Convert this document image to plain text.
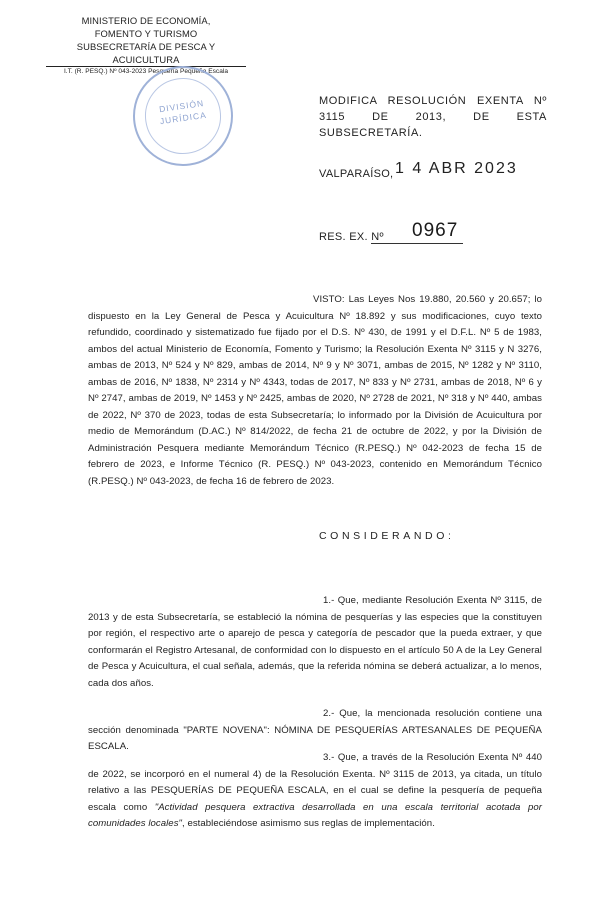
MINISTERIO DE ECONOMÍA,
FOMENTO Y TURISMO
SUBSECRETARÍA DE PESCA Y ACUICULTURA
I.T. (R. PESQ.) Nº 043-2023 Pesquería Pequeña Escala
DIVISIÓN
JURÍDICA
MODIFICA RESOLUCIÓN EXENTA Nº 3115 DE 2013, DE ESTA SUBSECRETARÍA.
VALPARAÍSO, 1 4 ABR 2023
RES. EX. Nº 0967
VISTO: Las Leyes Nos 19.880, 20.560 y 20.657; lo dispuesto en la Ley General de Pesca y Acuicultura Nº 18.892 y sus modificaciones, cuyo texto refundido, coordinado y sistematizado fue fijado por el D.S. Nº 430, de 1991 y el D.F.L. Nº 5 de 1983, ambos del actual Ministerio de Economía, Fomento y Turismo; la Resolución Exenta Nº 3115 y N 3276, ambas de 2013, Nº 524 y Nº 829, ambas de 2014, Nº 9 y Nº 3071, ambas de 2015, Nº 1282 y Nº 3110, ambas de 2016, Nº 1838, Nº 2314 y Nº 4343, todas de 2017, Nº 833 y Nº 2731, ambas de 2018, Nº 6 y Nº 2747, ambas de 2019, Nº 1453 y Nº 2425, ambas de 2020, Nº 2728 de 2021, Nº 318 y Nº 440, ambas de 2022, Nº 370 de 2023, todas de esta Subsecretaría; lo informado por la División de Acuicultura por medio de Memorándum (D.AC.) Nº 814/2022, de fecha 21 de octubre de 2022, y por la División de Administración Pesquera mediante Memorándum Técnico (R.PESQ.) Nº 042-2023 de fecha 15 de febrero de 2023, e Informe Técnico (R. PESQ.) Nº 043-2023, contenido en Memorándum Técnico (R.PESQ.) Nº 043-2023, de fecha 16 de febrero de 2023.
CONSIDERANDO:
1.- Que, mediante Resolución Exenta Nº 3115, de 2013 y de esta Subsecretaría, se estableció la nómina de pesquerías y las especies que la constituyen por región, el respectivo arte o aparejo de pesca y categoría de pescador que la pueda extraer, y que conformarán el Registro Artesanal, de conformidad con lo dispuesto en el artículo 50 A de la Ley General de Pesca y Acuicultura, el cual señala, además, que la referida nómina se deberá actualizar, a lo menos, cada dos años.
2.- Que, la mencionada resolución contiene una sección denominada "PARTE NOVENA": NÓMINA DE PESQUERÍAS ARTESANALES DE PEQUEÑA ESCALA.
3.- Que, a través de la Resolución Exenta Nº 440 de 2022, se incorporó en el numeral 4) de la Resolución Exenta. Nº 3115 de 2013, ya citada, un título relativo a las PESQUERÍAS DE PEQUEÑA ESCALA, en el cual se define la pesquería de pequeña escala como "Actividad pesquera extractiva desarrollada en una escala territorial acotada por comunidades locales", estableciéndose asimismo sus reglas de implementación.
